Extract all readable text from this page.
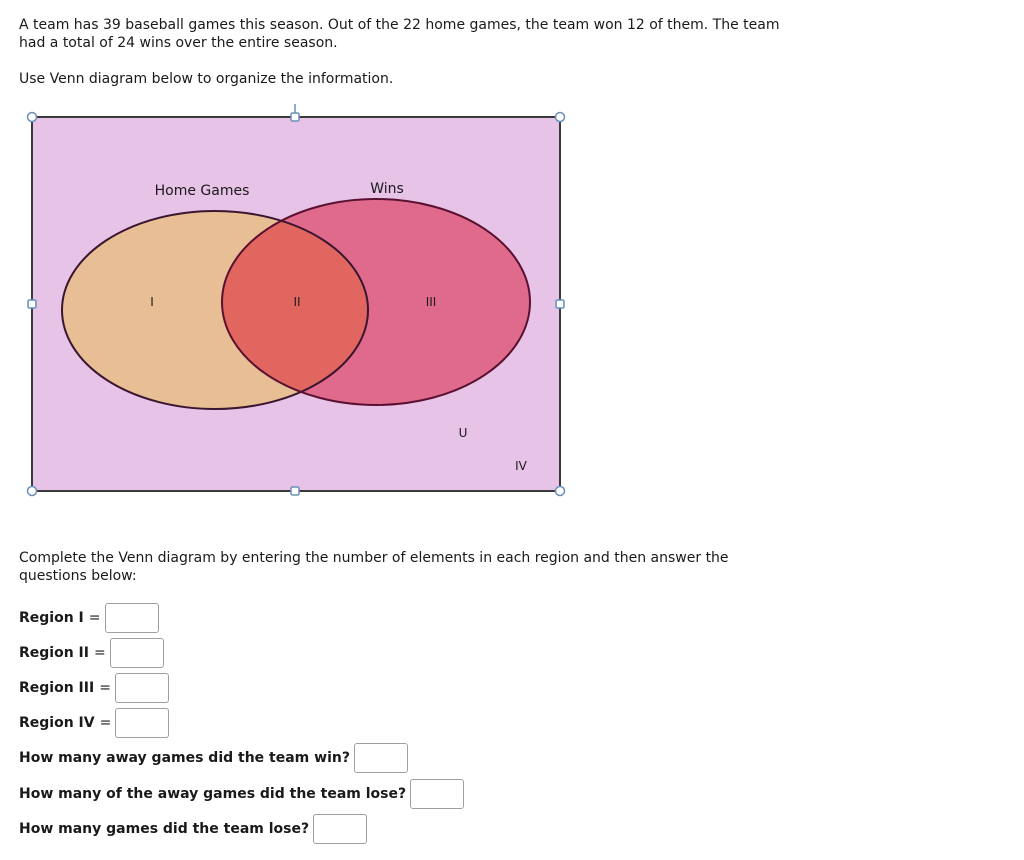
A team has 39 baseball games this season. Out of the 22 home games, the team won 12 of them. The team had a total of 24 wins over the entire season.

Use Venn diagram below to organize the information.

Home Games	Wins
I	II	III
U
IV

Complete the Venn diagram by entering the number of elements in each region and then answer the questions below:

Region I =
Region II =
Region III =
Region IV =
How many away games did the team win?
How many of the away games did the team lose?
How many games did the team lose?
